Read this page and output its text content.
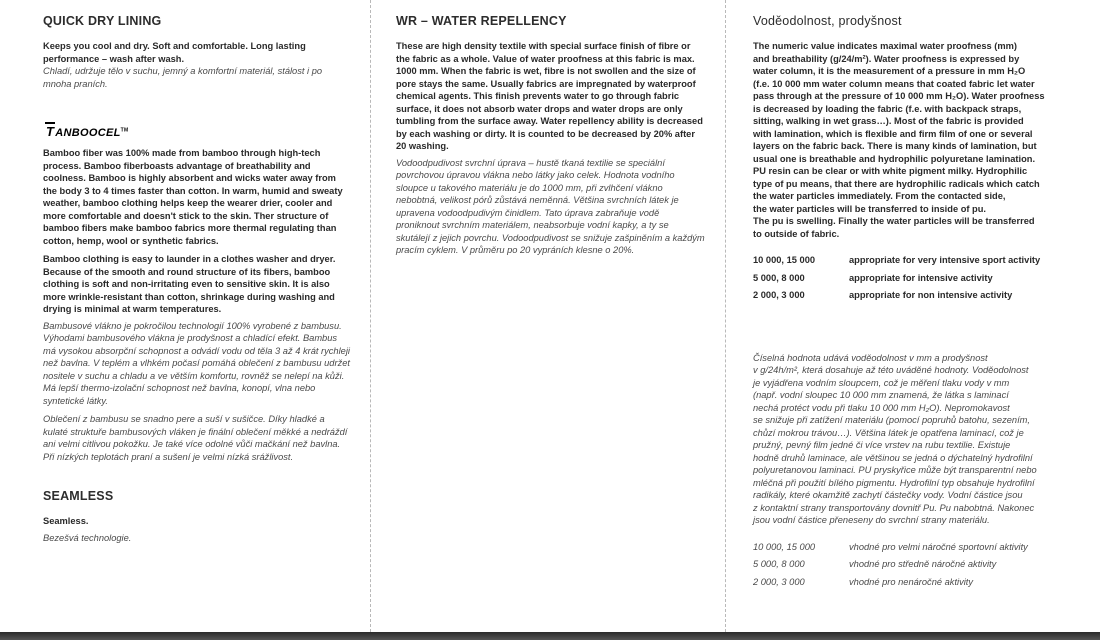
QUICK DRY LINING

Keeps you cool and dry. Soft and comfortable. Long lasting performance – wash after wash.

Chladí, udržuje tělo v suchu, jemný a komfortní materiál, stálost i po mnoha praních.

TANBOOCEL™

Bamboo fiber was 100% made from bamboo through high-tech process. Bamboo fiberboasts advantage of breathability and coolness. Bamboo is highly absorbent and wicks water away from the body 3 to 4 times faster than cotton. In warm, humid and sweaty weather, bamboo clothing helps keep the wearer drier, cooler and more comfortable and doesn't stick to the skin. Ther structure of bamboo fibers make bamboo fabrics more thermal regulating than cotton, hemp, wool or synthetic fabrics.

Bamboo clothing is easy to launder in a clothes washer and dryer. Because of the smooth and round structure of its fibers, bamboo clothing is soft and non-irritating even to sensitive skin. It is also more wrinkle-resistant than cotton, shrinkage during washing and drying is minimal at warm temperatures.

Bambusové vlákno je pokročilou technologií 100% vyrobené z bambusu. Výhodami bambusového vlákna je prodyšnost a chladící efekt. Bambus má vysokou absorpční schopnost a odvádí vodu od těla 3 až 4 krát rychleji než bavlna. V teplém a vlhkém počasí pomáhá oblečení z bambusu udržet nositele v suchu a chladu a ve větším komfortu, rovněž se nelepí na kůži. Má lepší thermo-izolační schopnost než bavlna, konopí, vlna nebo syntetické látky.

Oblečení z bambusu se snadno pere a suší v sušičce. Díky hladké a kulaté struktuře bambusových vláken je finální oblečení měkké a nedráždí ani velmi citlivou pokožku. Je také více odolné vůči mačkání než bavlna. Při nízkých teplotách praní a sušení je velmi nízká srážlivost.

SEAMLESS

Seamless.

Bezešvá technologie.

WR – WATER REPELLENCY

These are high density textile with special surface finish of fibre or the fabric as a whole. Value of water proofness at this fabric is max. 1000 mm. When the fabric is wet, fibre is not swollen and the size of pore stays the same. Usually fabrics are impregnated by waterproof chemical agents. This finish prevents water to go through fabric surface, it does not absorb water drops and water drops are only tumbling from the surface away. Water repellency ability is decreased by each washing or dirty. It is counted to be decreased by 20% after 20 washing.

Vodoodpudivost svrchní úprava – hustě tkaná textilie se speciální povrchovou úpravou vlákna nebo látky jako celek. Hodnota vodního sloupce u takového materiálu je do 1000 mm, při zvlhčení vlákno nebobtná, velikost pórů zůstává neměnná. Většina svrchních látek je upravena vodoodpudivým činidlem. Tato úprava zabraňuje vodě proniknout svrchním materiálem, neabsorbuje vodní kapky, a ty se skutálejí z jejich povrchu. Vodoodpudivost se snižuje zašpiněním a každým pracím cyklem. V průměru po 20 vypráních klesne o 20%.

Voděodolnost, prodyšnost

The numeric value indicates maximal water proofness (mm)

and breathability (g/24/m²). Water proofness is expressed by

water column, it is the measurement of a pressure in mm H₂O

(f.e. 10 000 mm water column means that coated fabric let water

pass through at the pressure of 10 000 mm H₂O). Water proofness

is decreased by loading the fabric (f.e. with backpack straps,

sitting, walking in wet grass…). Most of the fabric is provided

with lamination, which is flexible and firm film of one or several

layers on the fabric back. There is many kinds of lamination, but

usual one is breathable and hydrophilic polyuretane lamination.

PU resin can be clear or with white pigment milky. Hydrophilic

type of pu means, that there are hydrophilic radicals which catch

the water particles immediately. From the contacted side,

the water particles will be transferred to inside of pu.

The pu is swelling. Finally the water particles will be transferred

to outside of fabric.

10 000, 15 000	appropriate for very intensive sport activity
5 000, 8 000	appropriate for intensive activity
2 000, 3 000	appropriate for non intensive activity

Číselná hodnota udává voděodolnost v mm a prodyšnost

v g/24h/m², která dosahuje až této uváděné hodnoty. Voděodolnost

je vyjádřena vodním sloupcem, což je měření tlaku vody v mm

(např. vodní sloupec 10 000 mm znamená, že látka s laminací

nechá protéct vodu při tlaku 10 000 mm H₂O). Nepromokavost

se snižuje při zatížení materiálu (pomocí popruhů batohu, sezením,

chůzí mokrou trávou…). Většina látek je opatřena laminací, což je

pružný, pevný film jedné či více vrstev na rubu textilie. Existuje

hodně druhů laminace, ale většinou se jedná o dýchatelný hydrofilní

polyuretanovou laminaci. PU pryskyřice může být transparentní nebo

mléčná při použití bílého pigmentu. Hydrofilní typ obsahuje hydrofilní

radikály, které okamžitě zachytí částečky vody. Vodní částice jsou

z kontaktní strany transportovány dovnitř Pu. Pu nabobtná. Nakonec

jsou vodní částice přeneseny do svrchní strany materiálu.

10 000, 15 000	vhodné pro velmi náročné sportovní aktivity
5 000, 8 000	vhodné pro středně náročné aktivity
2 000, 3 000	vhodné pro nenáročné aktivity
